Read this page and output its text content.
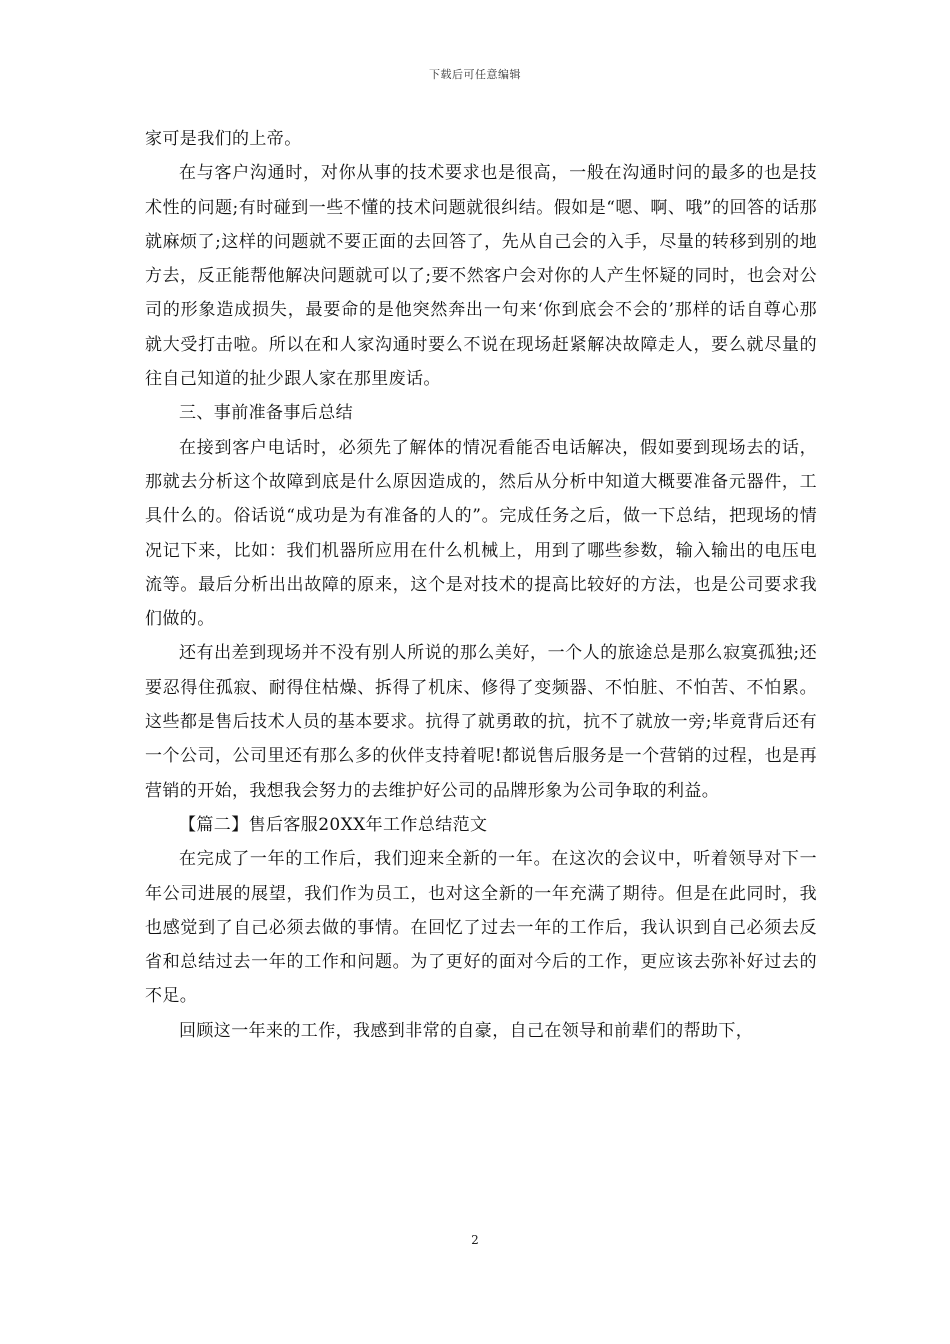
下载后可任意编辑

家可是我们的上帝。

在与客户沟通时，对你从事的技术要求也是很高，一般在沟通时问的最多的也是技术性的问题;有时碰到一些不懂的技术问题就很纠结。假如是“嗯、啊、哦”的回答的话那就麻烦了;这样的问题就不要正面的去回答了，先从自己会的入手，尽量的转移到别的地方去，反正能帮他解决问题就可以了;要不然客户会对你的人产生怀疑的同时，也会对公司的形象造成损失，最要命的是他突然奔出一句来‘你到底会不会的’那样的话自尊心那就大受打击啦。所以在和人家沟通时要么不说在现场赶紧解决故障走人，要么就尽量的往自己知道的扯少跟人家在那里废话。

三、事前准备事后总结

在接到客户电话时，必须先了解体的情况看能否电话解决，假如要到现场去的话，那就去分析这个故障到底是什么原因造成的，然后从分析中知道大概要准备元器件，工具什么的。俗话说“成功是为有准备的人的”。完成任务之后，做一下总结，把现场的情况记下来，比如：我们机器所应用在什么机械上，用到了哪些参数，输入输出的电压电流等。最后分析出出故障的原来，这个是对技术的提高比较好的方法，也是公司要求我们做的。

还有出差到现场并不没有别人所说的那么美好，一个人的旅途总是那么寂寞孤独;还要忍得住孤寂、耐得住枯燥、拆得了机床、修得了变频器、不怕脏、不怕苦、不怕累。这些都是售后技术人员的基本要求。抗得了就勇敢的抗，抗不了就放一旁;毕竟背后还有一个公司，公司里还有那么多的伙伴支持着呢!都说售后服务是一个营销的过程，也是再营销的开始，我想我会努力的去维护好公司的品牌形象为公司争取的利益。

【篇二】售后客服20XX年工作总结范文

在完成了一年的工作后，我们迎来全新的一年。在这次的会议中，听着领导对下一年公司进展的展望，我们作为员工，也对这全新的一年充满了期待。但是在此同时，我也感觉到了自己必须去做的事情。在回忆了过去一年的工作后，我认识到自己必须去反省和总结过去一年的工作和问题。为了更好的面对今后的工作，更应该去弥补好过去的不足。

回顾这一年来的工作，我感到非常的自豪，自己在领导和前辈们的帮助下，

2
